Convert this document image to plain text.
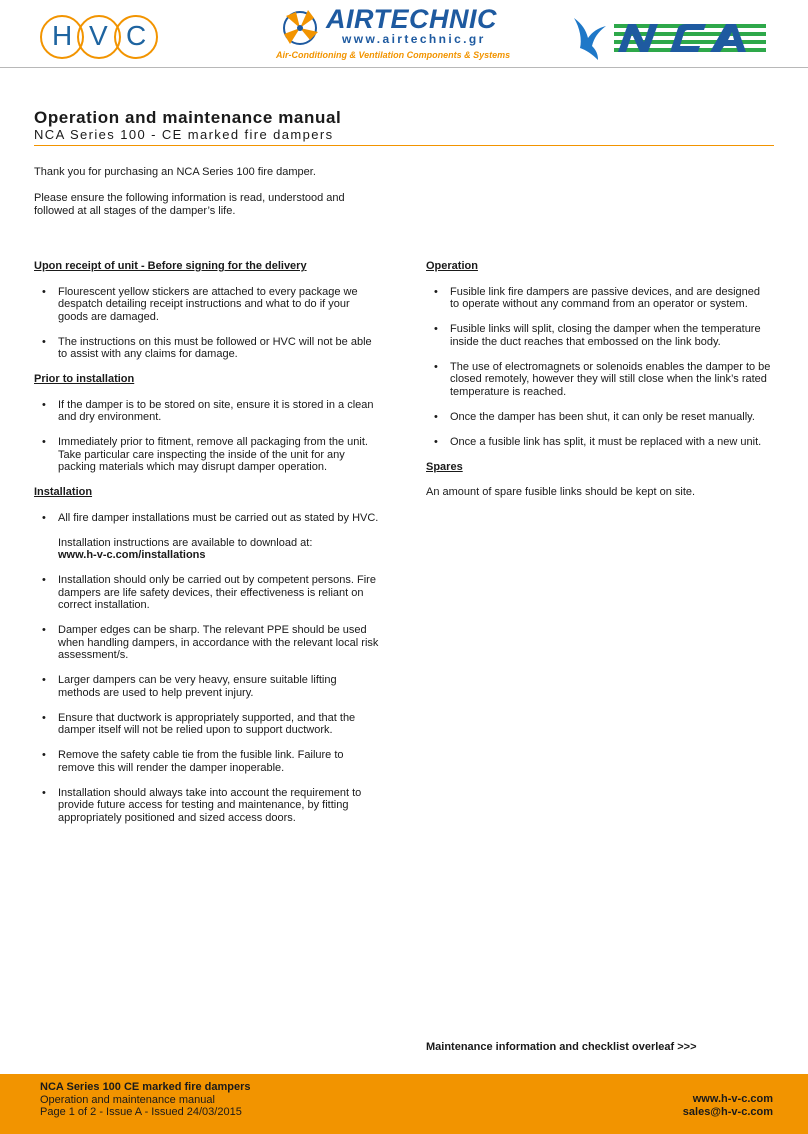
H V C
AIRTECHNIC
www.airtechnic.gr
Air-Conditioning & Ventilation Components & Systems
Operation and maintenance manual
NCA Series 100 - CE marked fire dampers

Thank you for purchasing an NCA Series 100 fire damper.

Please ensure the following information is read, understood and followed at all stages of the damper’s life.

Upon receipt of unit - Before signing for the delivery
• Flourescent yellow stickers are attached to every package we despatch detailing receipt instructions and what to do if your goods are damaged.
• The instructions on this must be followed or HVC will not be able to assist with any claims for damage.
Prior to installation
• If the damper is to be stored on site, ensure it is stored in a clean and dry environment.
• Immediately prior to fitment, remove all packaging from the unit. Take particular care inspecting the inside of the unit for any packing materials which may disrupt damper operation.
Installation
• All fire damper installations must be carried out as stated by HVC.
Installation instructions are available to download at:
www.h-v-c.com/installations
• Installation should only be carried out by competent persons. Fire dampers are life safety devices, their effectiveness is reliant on correct installation.
• Damper edges can be sharp. The relevant PPE should be used when handling dampers, in accordance with the relevant local risk assessment/s.
• Larger dampers can be very heavy, ensure suitable lifting methods are used to help prevent injury.
• Ensure that ductwork is appropriately supported, and that the damper itself will not be relied upon to support ductwork.
• Remove the safety cable tie from the fusible link. Failure to remove this will render the damper inoperable.
• Installation should always take into account the requirement to provide future access for testing and maintenance, by fitting appropriately positioned and sized access doors.
Operation
• Fusible link fire dampers are passive devices, and are designed to operate without any command from an operator or system.
• Fusible links will split, closing the damper when the temperature inside the duct reaches that embossed on the link body.
• The use of electromagnets or solenoids enables the damper to be closed remotely, however they will still close when the link’s rated temperature is reached.
• Once the damper has been shut, it can only be reset manually.
• Once a fusible link has split, it must be replaced with a new unit.
Spares

An amount of spare fusible links should be kept on site.

Maintenance information and checklist overleaf >>>
NCA Series 100 CE marked fire dampers
Operation and maintenance manual
Page 1 of 2 - Issue A - Issued 24/03/2015
www.h-v-c.com
sales@h-v-c.com
